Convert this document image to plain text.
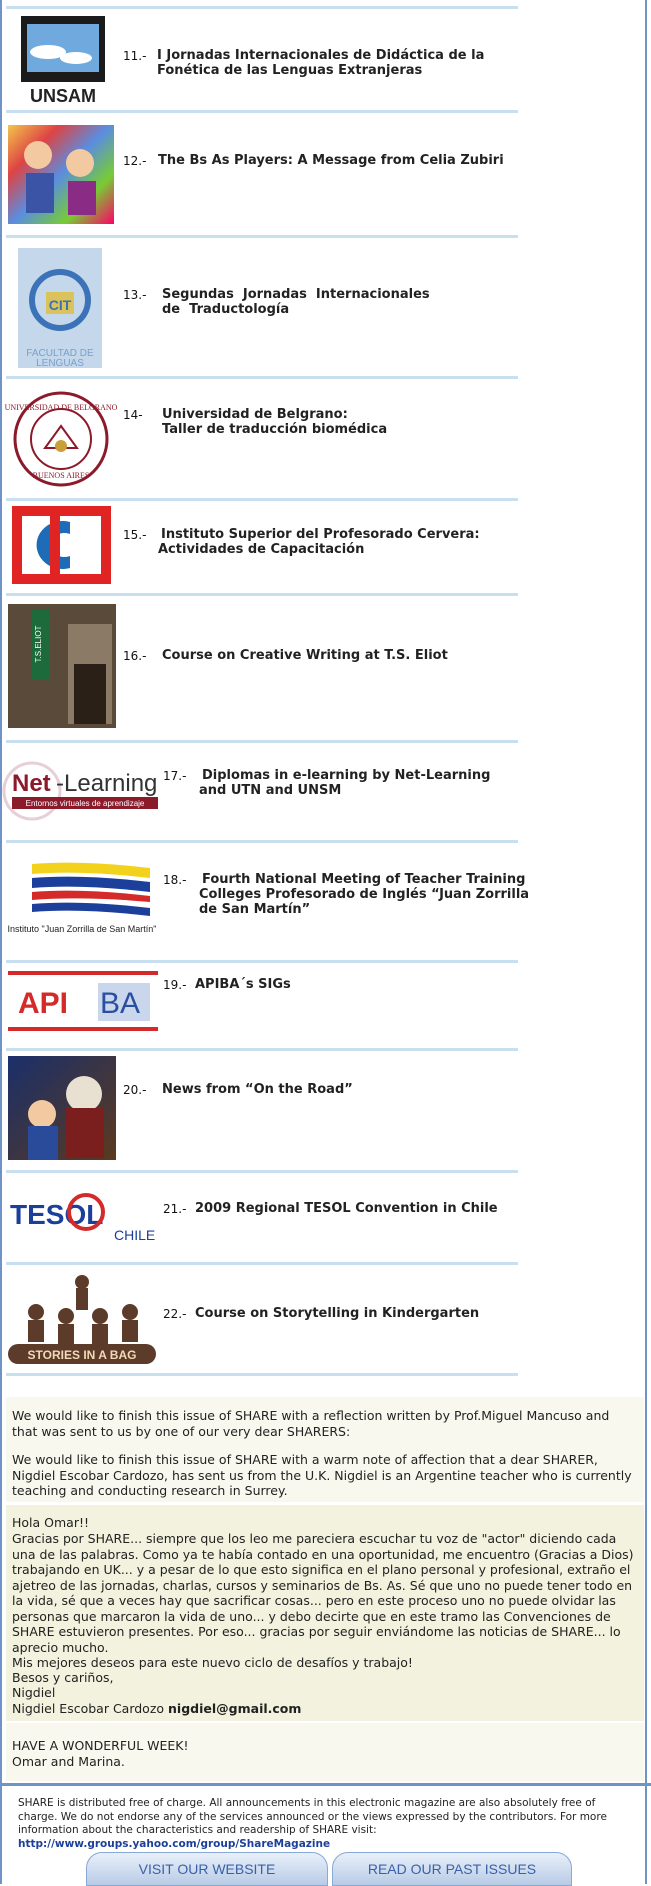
UNSAM
11.- I Jornadas Internacionales de Didáctica de la
Fonética de las Lenguas Extranjeras
12.- The Bs As Players: A Message from Celia Zubiri
CIT
FACULTAD DE
LENGUAS
13.- Segundas  Jornadas  Internacionales
de  Traductología
UNIVERSIDAD DE BELGRANO
BUENOS AIRES
14- Universidad de Belgrano:
Taller de traducción biomédica
15.- Instituto Superior del Profesorado Cervera:
Actividades de Capacitación
T.S.ELIOT	16.- Course on Creative Writing at T.S. Eliot
Net -Learning
Entornos virtuales de aprendizaje
17.- Diplomas in e-learning by Net-Learning
and UTN and UNSM
Instituto "Juan Zorrilla de San Martín"
18.- Fourth National Meeting of Teacher Training
Colleges Profesorado de Inglés “Juan Zorrilla
de San Martín”
API BA
19.- APIBA´s SIGs
20.- News from “On the Road”
TESOL
CHILE
21.- 2009 Regional TESOL Convention in Chile
STORIES IN A BAG
22.- Course on Storytelling in Kindergarten
We would like to finish this issue of SHARE with a reflection written by Prof.Miguel Mancuso and that was sent to us by one of our very dear SHARERS:
We would like to finish this issue of SHARE with a warm note of affection that a dear SHARER, Nigdiel Escobar Cardozo, has sent us from the U.K. Nigdiel is an Argentine teacher who is currently teaching and conducting research in Surrey.
Hola Omar!!
Gracias por SHARE... siempre que los leo me pareciera escuchar tu voz de "actor" diciendo cada una de las palabras. Como ya te había contado en una oportunidad, me encuentro (Gracias a Dios) trabajando en UK... y a pesar de lo que esto significa en el plano personal y profesional, extraño el ajetreo de las jornadas, charlas, cursos y seminarios de Bs. As. Sé que uno no puede tener todo en la vida, sé que a veces hay que sacrificar cosas... pero en este proceso uno no puede olvidar las personas que marcaron la vida de uno... y debo decirte que en este tramo las Convenciones de SHARE estuvieron presentes. Por eso... gracias por seguir enviándome las noticias de SHARE... lo aprecio mucho.
Mis mejores deseos para este nuevo ciclo de desafíos y trabajo!
Besos y cariños,
Nigdiel
Nigdiel Escobar Cardozo nigdiel@gmail.com
HAVE A WONDERFUL WEEK!
Omar and Marina.
SHARE is distributed free of charge. All announcements in this electronic magazine are also absolutely free of charge. We do not endorse any of the services announced or the views expressed by the contributors. For more information about the characteristics and readership of SHARE visit: http://www.groups.yahoo.com/group/ShareMagazine
VISIT OUR WEBSITE	READ OUR PAST ISSUES
